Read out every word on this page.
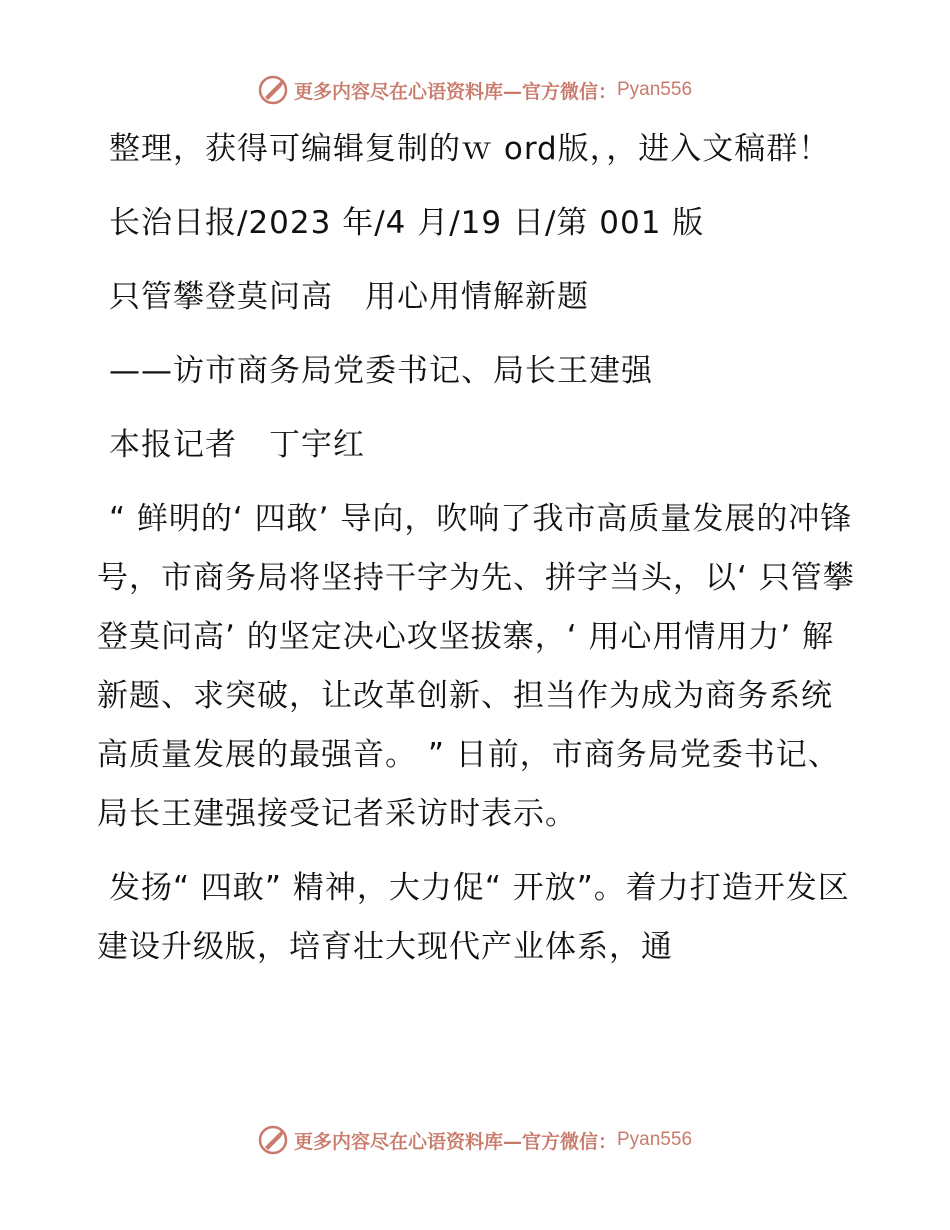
更多内容尽在心语资料库—官方微信： Pyan556

整理，获得可编辑复制的ｗ ord版，，进入文稿群！

长治日报/2023 年/4 月/19 日/第 001 版

只管攀登莫问高　用心用情解新题

——访市商务局党委书记、局长王建强

本报记者　丁宇红

“ 鲜明的‘ 四敢’ 导向，吹响了我市高质量发展的冲锋号，市商务局将坚持干字为先、拼字当头，以‘ 只管攀登莫问高’ 的坚定决心攻坚拔寨，‘ 用心用情用力’ 解新题、求突破，让改革创新、担当作为成为商务系统高质量发展的最强音。 ” 日前，市商务局党委书记、局长王建强接受记者采访时表示。

发扬“ 四敢” 精神，大力促“ 开放”。着力打造开发区建设升级版，培育壮大现代产业体系，通

更多内容尽在心语资料库—官方微信： Pyan556
